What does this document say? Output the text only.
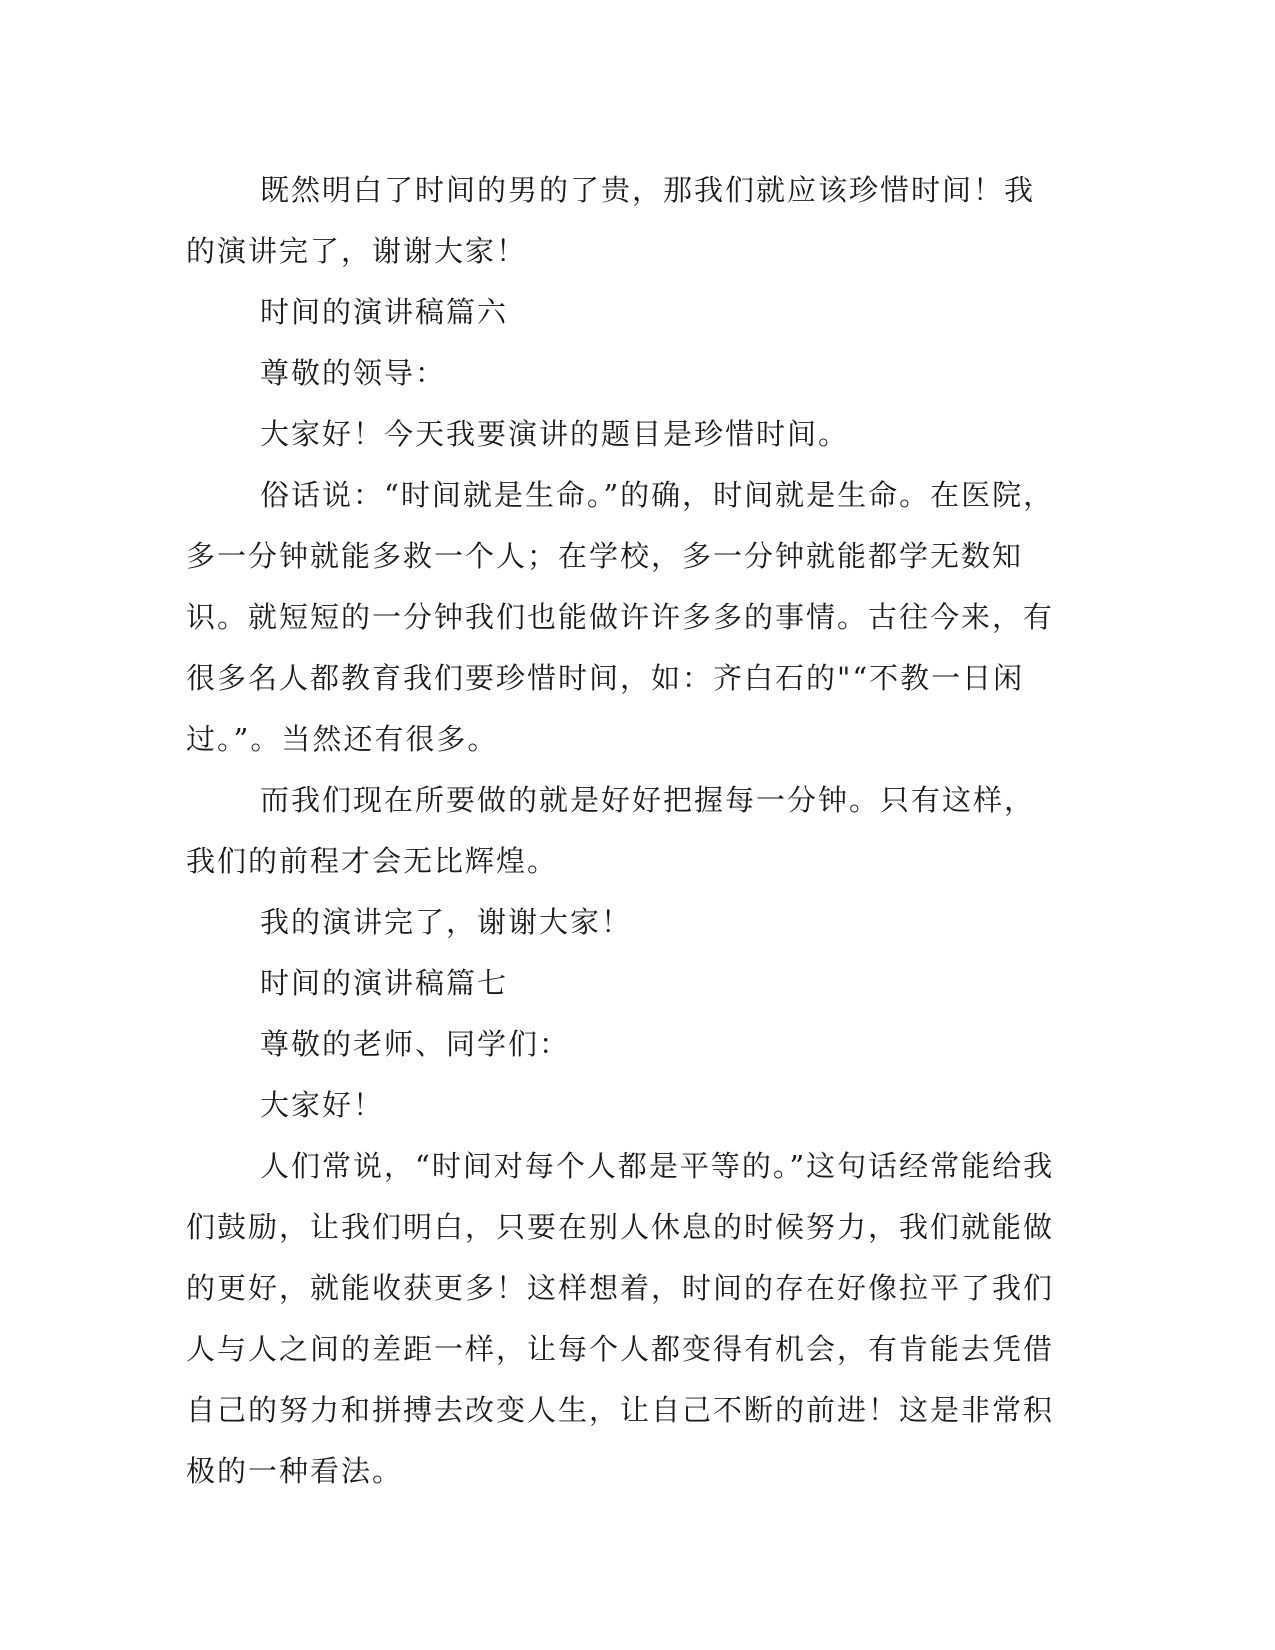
既然明白了时间的男的了贵，那我们就应该珍惜时间！我的演讲完了，谢谢大家！

时间的演讲稿篇六

尊敬的领导：

大家好！今天我要演讲的题目是珍惜时间。

俗话说：“时间就是生命。”的确，时间就是生命。在医院，多一分钟就能多救一个人；在学校，多一分钟就能都学无数知识。就短短的一分钟我们也能做许许多多的事情。古往今来，有很多名人都教育我们要珍惜时间，如：齐白石的"“不教一日闲过。”。当然还有很多。

而我们现在所要做的就是好好把握每一分钟。只有这样，我们的前程才会无比辉煌。

我的演讲完了，谢谢大家！

时间的演讲稿篇七

尊敬的老师、同学们：

大家好！

人们常说，“时间对每个人都是平等的。”这句话经常能给我们鼓励，让我们明白，只要在别人休息的时候努力，我们就能做的更好，就能收获更多！这样想着，时间的存在好像拉平了我们人与人之间的差距一样，让每个人都变得有机会，有肯能去凭借自己的努力和拼搏去改变人生，让自己不断的前进！这是非常积极的一种看法。
